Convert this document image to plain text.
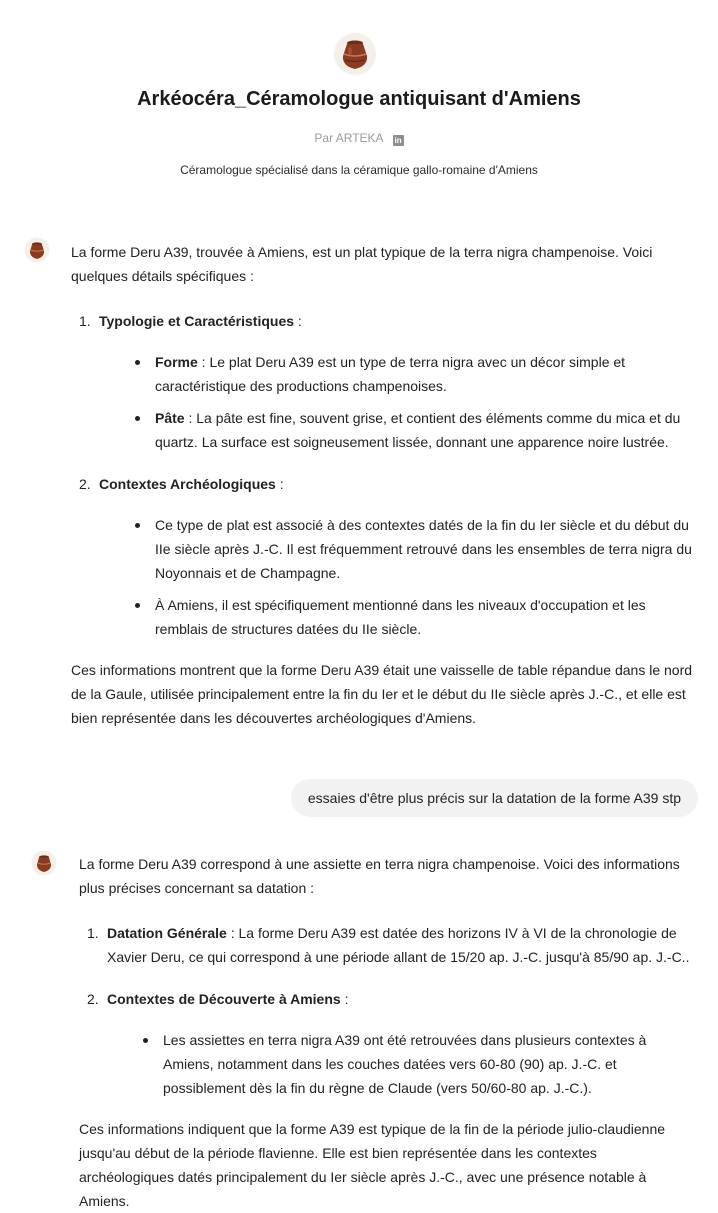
Arkéocéra_Céramologue antiquisant d'Amiens
Par ARTEKA in
Céramologue spécialisé dans la céramique gallo-romaine d'Amiens

La forme Deru A39, trouvée à Amiens, est un plat typique de la terra nigra champenoise. Voici quelques détails spécifiques :

1. Typologie et Caractéristiques :
Forme : Le plat Deru A39 est un type de terra nigra avec un décor simple et caractéristique des productions champenoises.
Pâte : La pâte est fine, souvent grise, et contient des éléments comme du mica et du quartz. La surface est soigneusement lissée, donnant une apparence noire lustrée.
2. Contextes Archéologiques :
Ce type de plat est associé à des contextes datés de la fin du Ier siècle et du début du IIe siècle après J.-C. Il est fréquemment retrouvé dans les ensembles de terra nigra du Noyonnais et de Champagne.
À Amiens, il est spécifiquement mentionné dans les niveaux d'occupation et les remblais de structures datées du IIe siècle.

Ces informations montrent que la forme Deru A39 était une vaisselle de table répandue dans le nord de la Gaule, utilisée principalement entre la fin du Ier et le début du IIe siècle après J.-C., et elle est bien représentée dans les découvertes archéologiques d'Amiens.

essaies d'être plus précis sur la datation de la forme A39 stp

La forme Deru A39 correspond à une assiette en terra nigra champenoise. Voici des informations plus précises concernant sa datation :

1. Datation Générale : La forme Deru A39 est datée des horizons IV à VI de la chronologie de Xavier Deru, ce qui correspond à une période allant de 15/20 ap. J.-C. jusqu'à 85/90 ap. J.-C..
2. Contextes de Découverte à Amiens :
Les assiettes en terra nigra A39 ont été retrouvées dans plusieurs contextes à Amiens, notamment dans les couches datées vers 60-80 (90) ap. J.-C. et possiblement dès la fin du règne de Claude (vers 50/60-80 ap. J.-C.).

Ces informations indiquent que la forme A39 est typique de la fin de la période julio-claudienne jusqu'au début de la période flavienne. Elle est bien représentée dans les contextes archéologiques datés principalement du Ier siècle après J.-C., avec une présence notable à Amiens.
